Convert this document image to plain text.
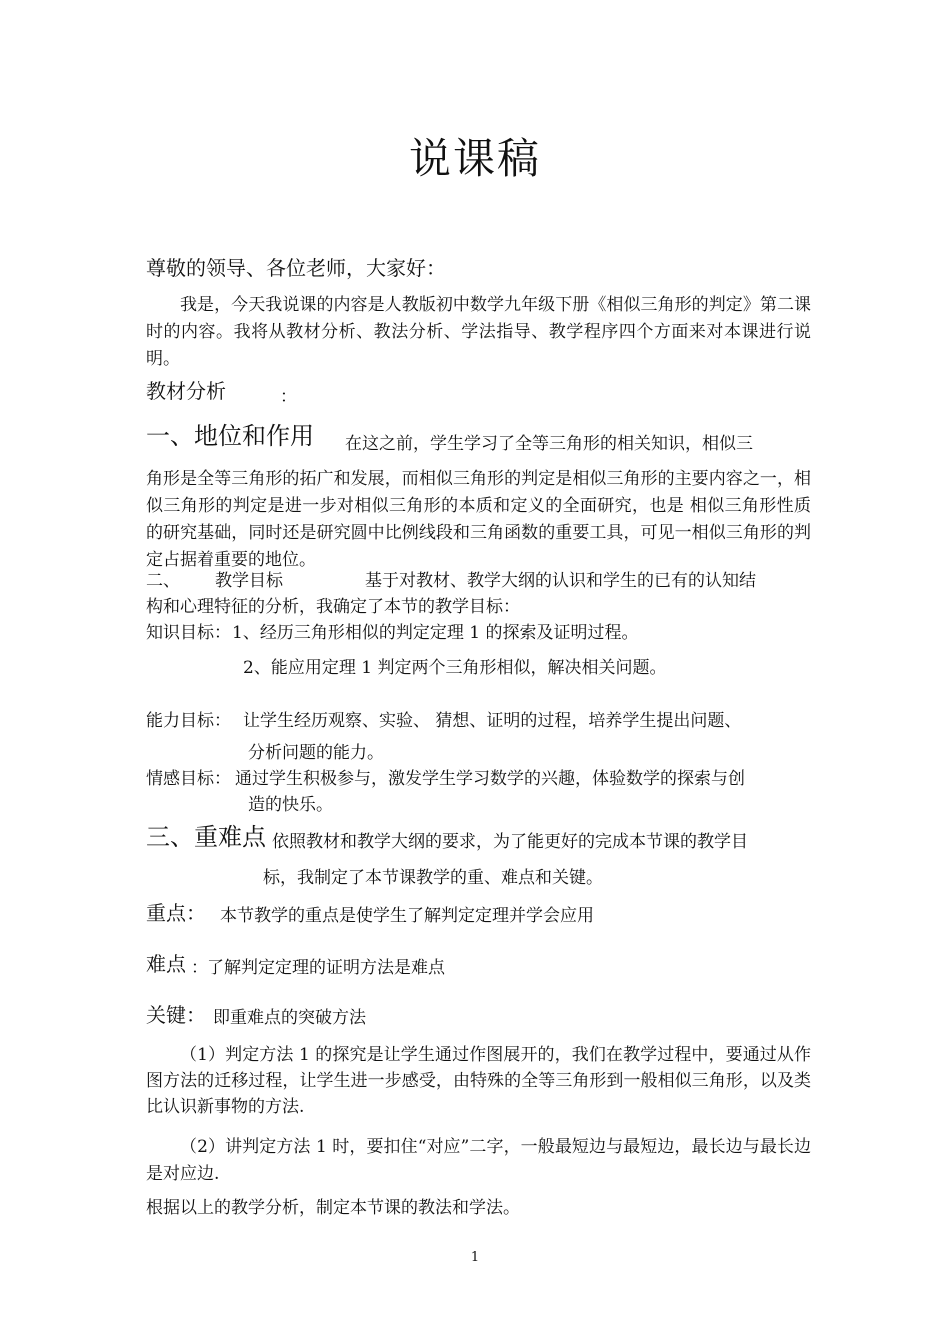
说课稿
尊敬的领导、各位老师，大家好：
我是，今天我说课的内容是人教版初中数学九年级下册《相似三角形的判定》第二课时的内容。我将从教材分析、教法分析、学法指导、教学程序四个方面来对本课进行说明。
教材分析	：
一、地位和作用 在这之前，学生学习了全等三角形的相关知识，相似三
角形是全等三角形的拓广和发展，而相似三角形的判定是相似三角形的主要内容之一，相似三角形的判定是进一步对相似三角形的本质和定义的全面研究，也是 相似三角形性质的研究基础，同时还是研究圆中比例线段和三角函数的重要工具，可见一相似三角形的判定占据着重要的地位。
二、 教学目标	基于对教材、教学大纲的认识和学生的已有的认知结
构和心理特征的分析，我确定了本节的教学目标：
知识目标： 1、经历三角形相似的判定定理 1 的探索及证明过程。
2、能应用定理 1 判定两个三角形相似，解决相关问题。
能力目标： 让学生经历观察、实验、 猜想、证明的过程，培养学生提出问题、
分析问题的能力。
情感目标： 通过学生积极参与，激发学生学习数学的兴趣，体验数学的探索与创
造的快乐。
三、重难点 依照教材和教学大纲的要求，为了能更好的完成本节课的教学目
标，我制定了本节课教学的重、难点和关键。
重点： 本节教学的重点是使学生了解判定定理并学会应用
难点 ： 了解判定定理的证明方法是难点
关键： 即重难点的突破方法
（1）判定方法 1 的探究是让学生通过作图展开的，我们在教学过程中，要通过从作图方法的迁移过程，让学生进一步感受，由特殊的全等三角形到一般相似三角形，以及类比认识新事物的方法.
（2）讲判定方法 1 时，要扣住“对应”二字，一般最短边与最短边，最长边与最长边是对应边.
根据以上的教学分析，制定本节课的教法和学法。
1
